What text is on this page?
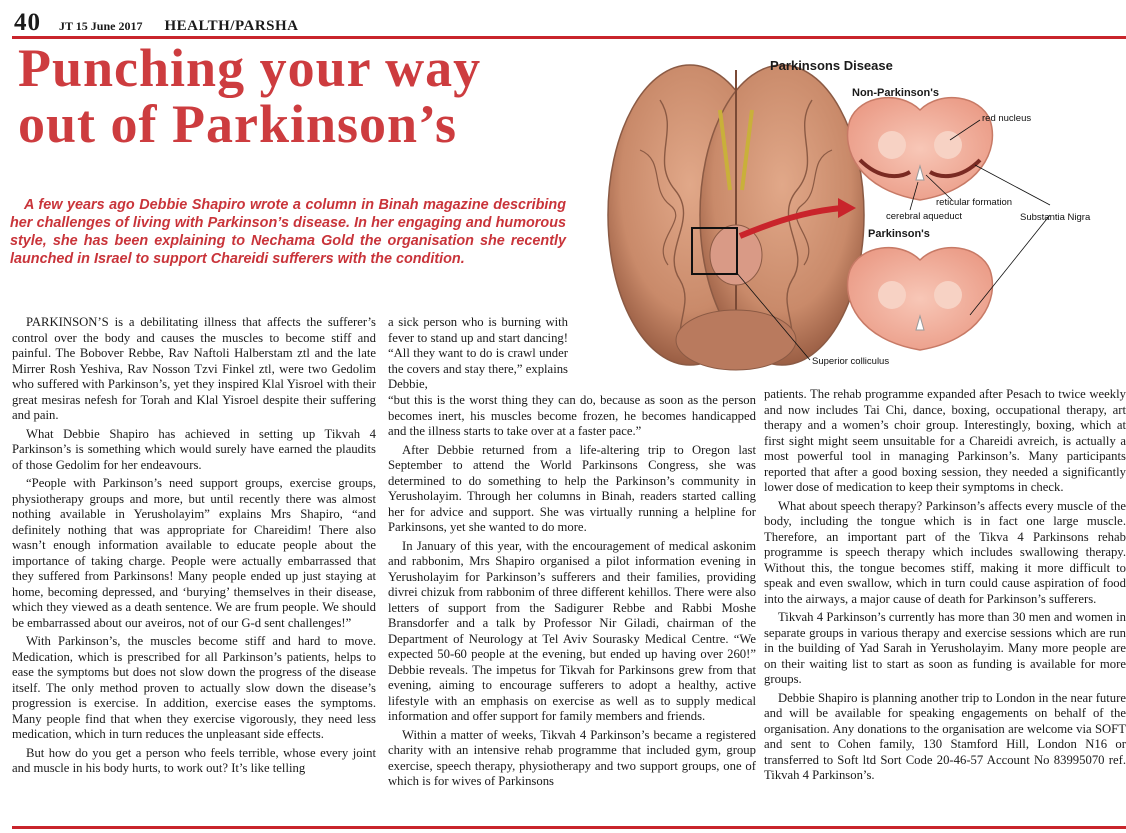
40 JT 15 June 2017 HEALTH/PARSHA
Punching your way
out of Parkinson’s

A few years ago Debbie Shapiro wrote a column in Binah magazine describing her challenges of living with Parkinson’s disease. In her engaging and humorous style, she has been explaining to Nechama Gold the organisation she recently launched in Israel to support Chareidi sufferers with the condition.

Parkinsons Disease
Non-Parkinson's
Parkinson's
red nucleus
reticular formation
cerebral aqueduct	Substantia Nigra
Superior colliculus

PARKINSON’S is a debilitating illness that affects the sufferer’s control over the body and causes the muscles to become stiff and painful. The Bobover Rebbe, Rav Naftoli Halberstam ztl and the late Mirrer Rosh Yeshiva, Rav Nosson Tzvi Finkel ztl, were two Gedolim who suffered with Parkinson’s, yet they inspired Klal Yisroel with their great mesiras nefesh for Torah and Klal Yisroel despite their suffering and pain.

What Debbie Shapiro has achieved in setting up Tikvah 4 Parkinson’s is something which would surely have earned the plaudits of those Gedolim for her endeavours.

“People with Parkinson’s need support groups, exercise groups, physiotherapy groups and more, but until recently there was almost nothing available in Yerusholayim” explains Mrs Shapiro, “and definitely nothing that was appropriate for Chareidim! There also wasn’t enough information available to educate people about the importance of taking charge. People were actually embarrassed that they suffered from Parkinsons! Many people ended up just staying at home, becoming depressed, and ‘burying’ themselves in their disease, which they viewed as a death sentence. We are frum people. We should be embarrassed about our aveiros, not of our G-d sent challenges!”

With Parkinson’s, the muscles become stiff and hard to move. Medication, which is prescribed for all Parkinson’s patients, helps to ease the symptoms but does not slow down the progress of the disease itself. The only method proven to actually slow down the disease’s progression is exercise. In addition, exercise eases the symptoms. Many people find that when they exercise vigorously, they need less medication, which in turn reduces the unpleasant side effects.

But how do you get a person who feels terrible, whose every joint and muscle in his body hurts, to work out? It’s like telling

a sick person who is burning with fever to stand up and start dancing! “All they want to do is crawl under the covers and stay there,” explains Debbie,

“but this is the worst thing they can do, because as soon as the person becomes inert, his muscles become frozen, he becomes handicapped and the illness starts to take over at a faster pace.”

After Debbie returned from a life-altering trip to Oregon last September to attend the World Parkinsons Congress, she was determined to do something to help the Parkinson’s community in Yerusholayim. Through her columns in Binah, readers started calling her for advice and support. She was virtually running a helpline for Parkinsons, yet she wanted to do more.

In January of this year, with the encouragement of medical askonim and rabbonim, Mrs Shapiro organised a pilot information evening in Yerusholayim for Parkinson’s sufferers and their families, providing divrei chizuk from rabbonim of three different kehillos. There were also letters of support from the Sadigurer Rebbe and Rabbi Moshe Bransdorfer and a talk by Professor Nir Giladi, chairman of the Department of Neurology at Tel Aviv Sourasky Medical Centre. “We expected 50-60 people at the evening, but ended up having over 260!” Debbie reveals. The impetus for Tikvah for Parkinsons grew from that evening, aiming to encourage sufferers to adopt a healthy, active lifestyle with an emphasis on exercise as well as to supply medical information and offer support for family members and friends.

Within a matter of weeks, Tikvah 4 Parkinson’s became a registered charity with an intensive rehab programme that included gym, group exercise, speech therapy, physiotherapy and two support groups, one of which is for wives of Parkinsons

patients. The rehab programme expanded after Pesach to twice weekly and now includes Tai Chi, dance, boxing, occupational therapy, art therapy and a women’s choir group. Interestingly, boxing, which at first sight might seem unsuitable for a Chareidi avreich, is actually a most powerful tool in managing Parkinson’s. Many participants reported that after a good boxing session, they needed a significantly lower dose of medication to keep their symptoms in check.

What about speech therapy? Parkinson’s affects every muscle of the body, including the tongue which is in fact one large muscle. Therefore, an important part of the Tikva 4 Parkinsons rehab programme is speech therapy which includes swallowing therapy. Without this, the tongue becomes stiff, making it more difficult to speak and even swallow, which in turn could cause aspiration of food into the airways, a major cause of death for Parkinson’s sufferers.

Tikvah 4 Parkinson’s currently has more than 30 men and women in separate groups in various therapy and exercise sessions which are run in the building of Yad Sarah in Yerusholayim. Many more people are on their waiting list to start as soon as funding is available for more groups.

Debbie Shapiro is planning another trip to London in the near future and will be available for speaking engagements on behalf of the organisation. Any donations to the organisation are welcome via SOFT and sent to Cohen family, 130 Stamford Hill, London N16 or transferred to Soft ltd Sort Code 20-46-57 Account No 83995070 ref. Tikvah 4 Parkinson’s.
